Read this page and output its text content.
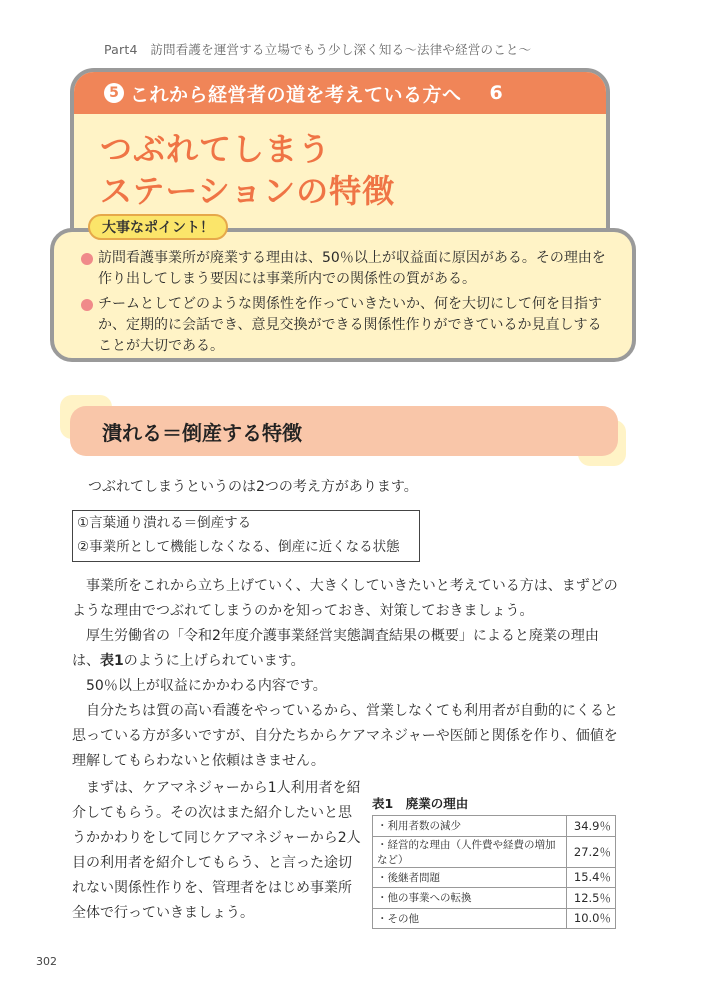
Part4　訪問看護を運営する立場でもう少し深く知る～法律や経営のこと～
5 これから経営者の道を考えている方へ 6
つぶれてしまう
ステーションの特徴
訪問看護事業所が廃業する理由は、50％以上が収益面に原因がある。その理由を作り出してしまう要因には事業所内での関係性の質がある。
チームとしてどのような関係性を作っていきたいか、何を大切にして何を目指すか、定期的に会話でき、意見交換ができる関係性作りができているか見直しすることが大切である。
大事なポイント！
潰れる＝倒産する特徴
つぶれてしまうというのは2つの考え方があります。
①言葉通り潰れる＝倒産する
②事業所として機能しなくなる、倒産に近くなる状態
事業所をこれから立ち上げていく、大きくしていきたいと考えている方は、まずどのような理由でつぶれてしまうのかを知っておき、対策しておきましょう。
厚生労働省の「令和2年度介護事業経営実態調査結果の概要」によると廃業の理由は、表1のように上げられています。
50％以上が収益にかかわる内容です。
自分たちは質の高い看護をやっているから、営業しなくても利用者が自動的にくると思っている方が多いですが、自分たちからケアマネジャーや医師と関係を作り、価値を理解してもらわないと依頼はきません。
まずは、ケアマネジャーから1人利用者を紹介してもらう。その次はまた紹介したいと思うかかわりをして同じケアマネジャーから2人目の利用者を紹介してもらう、と言った途切れない関係性作りを、管理者をはじめ事業所全体で行っていきましょう。
表1　廃業の理由
・利用者数の減少	34.9％
・経営的な理由（人件費や経費の増加など）	27.2％
・後継者問題	15.4％
・他の事業への転換	12.5％
・その他	10.0％
302
